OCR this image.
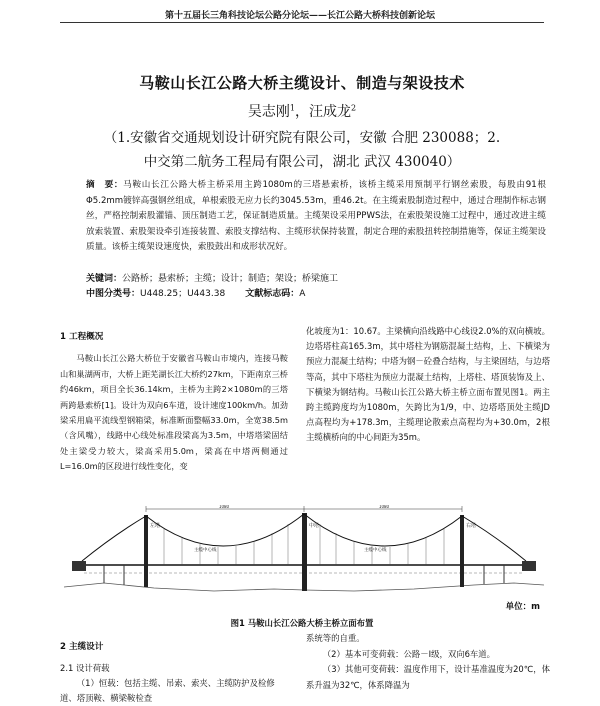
第十五届长三角科技论坛公路分论坛——长江公路大桥科技创新论坛
马鞍山长江公路大桥主缆设计、制造与架设技术
吴志刚$^1$，汪成龙$^2$
（1.安徽省交通规划设计研究院有限公司，安徽 合肥 230088；2.
中交第二航务工程局有限公司，湖北 武汉 430040）
摘　要：马鞍山长江公路大桥主桥采用主跨1080m的三塔悬索桥，该桥主缆采用预制平行钢丝索股，每股由91根Φ5.2mm镀锌高强钢丝组成，单根索股无应力长约3045.53m，重46.2t。在主缆索股制造过程中，通过合理制作标志钢丝，严格控制索股灌锚、顶压制造工艺，保证制造质量。主缆架设采用PPWS法，在索股架设施工过程中，通过改进主缆放索装置、索股架设牵引连接装置、索股支撑结构、主缆形状保持装置，制定合理的索股扭转控制措施等，保证主缆架设质量。该桥主缆架设速度快，索股鼓出和成形状况好。
关键词：公路桥；悬索桥；主缆；设计；制造；架设；桥梁施工
中图分类号：U448.25；U443.38 文献标志码：A
1 工程概况

马鞍山长江公路大桥位于安徽省马鞍山市境内，连接马鞍山和巢湖两市，大桥上距芜湖长江大桥约27km，下距南京三桥约46km，项目全长36.14km，主桥为主跨2×1080m的三塔两跨悬索桥[1]。设计为双向6车道，设计速度100km/h。加劲梁采用扁平流线型钢箱梁，标准断面整幅33.0m，全宽38.5m（含风嘴），线路中心线处标准段梁高为3.5m，中塔塔梁固结处主梁受力较大，梁高采用5.0m，梁高在中塔两侧通过L=16.0m的区段进行线性变化，变

化坡度为1：10.67。主梁横向沿线路中心线设2.0%的双向横坡。边塔塔柱高165.3m，其中塔柱为钢筋混凝土结构，上、下横梁为预应力混凝土结构；中塔为钢－砼叠合结构，与主梁固结，与边塔等高，其中下塔柱为预应力混凝土结构，上塔柱、塔顶装饰及上、下横梁为钢结构。马鞍山长江公路大桥主桥立面布置见图1。两主跨主缆跨度均为1080m，矢跨比为1/9，中、边塔塔顶处主缆JD点高程均为+178.3m，主缆理论散索点高程均为+30.0m，2根主缆横桥向的中心间距为35m。

1080	1080
左塔	中塔	右塔
主缆中心线	主缆中心线
单位：m
图1 马鞍山长江公路大桥主桥立面布置
2 主缆设计
2.1 设计荷载
（1）恒载：包括主缆、吊索、索夹、主缆防护及检修道、塔顶鞍、横梁鞍检查
系统等的自重。
（2）基本可变荷载：公路－Ⅰ级，双向6车道。
（3）其他可变荷载：温度作用下，设计基准温度为20℃，体系升温为32℃，体系降温为
